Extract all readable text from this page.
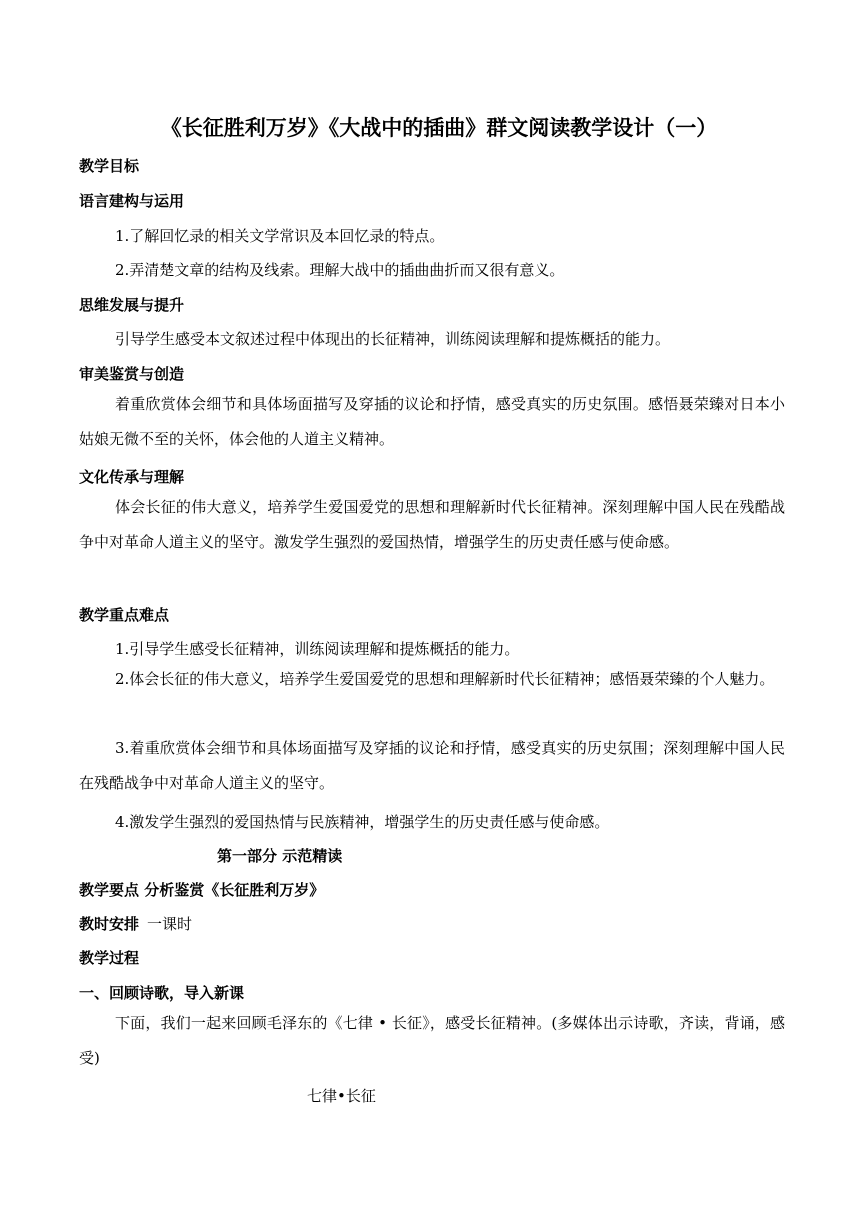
《长征胜利万岁》《大战中的插曲》群文阅读教学设计（一）
教学目标
语言建构与运用
1.了解回忆录的相关文学常识及本回忆录的特点。
2.弄清楚文章的结构及线索。理解大战中的插曲曲折而又很有意义。
思维发展与提升
引导学生感受本文叙述过程中体现出的长征精神，训练阅读理解和提炼概括的能力。
审美鉴赏与创造
着重欣赏体会细节和具体场面描写及穿插的议论和抒情，感受真实的历史氛围。感悟聂荣臻对日本小姑娘无微不至的关怀，体会他的人道主义精神。
文化传承与理解
体会长征的伟大意义，培养学生爱国爱党的思想和理解新时代长征精神。深刻理解中国人民在残酷战争中对革命人道主义的坚守。激发学生强烈的爱国热情，增强学生的历史责任感与使命感。
教学重点难点
1.引导学生感受长征精神，训练阅读理解和提炼概括的能力。
2.体会长征的伟大意义，培养学生爱国爱党的思想和理解新时代长征精神；感悟聂荣臻的个人魅力。
3.着重欣赏体会细节和具体场面描写及穿插的议论和抒情，感受真实的历史氛围；深刻理解中国人民在残酷战争中对革命人道主义的坚守。
4.激发学生强烈的爱国热情与民族精神，增强学生的历史责任感与使命感。
第一部分 示范精读
教学要点 分析鉴赏《长征胜利万岁》
教时安排 一课时
教学过程
一、回顾诗歌，导入新课
下面，我们一起来回顾毛泽东的《七律 • 长征》，感受长征精神。(多媒体出示诗歌，齐读，背诵，感受)
七律•长征
